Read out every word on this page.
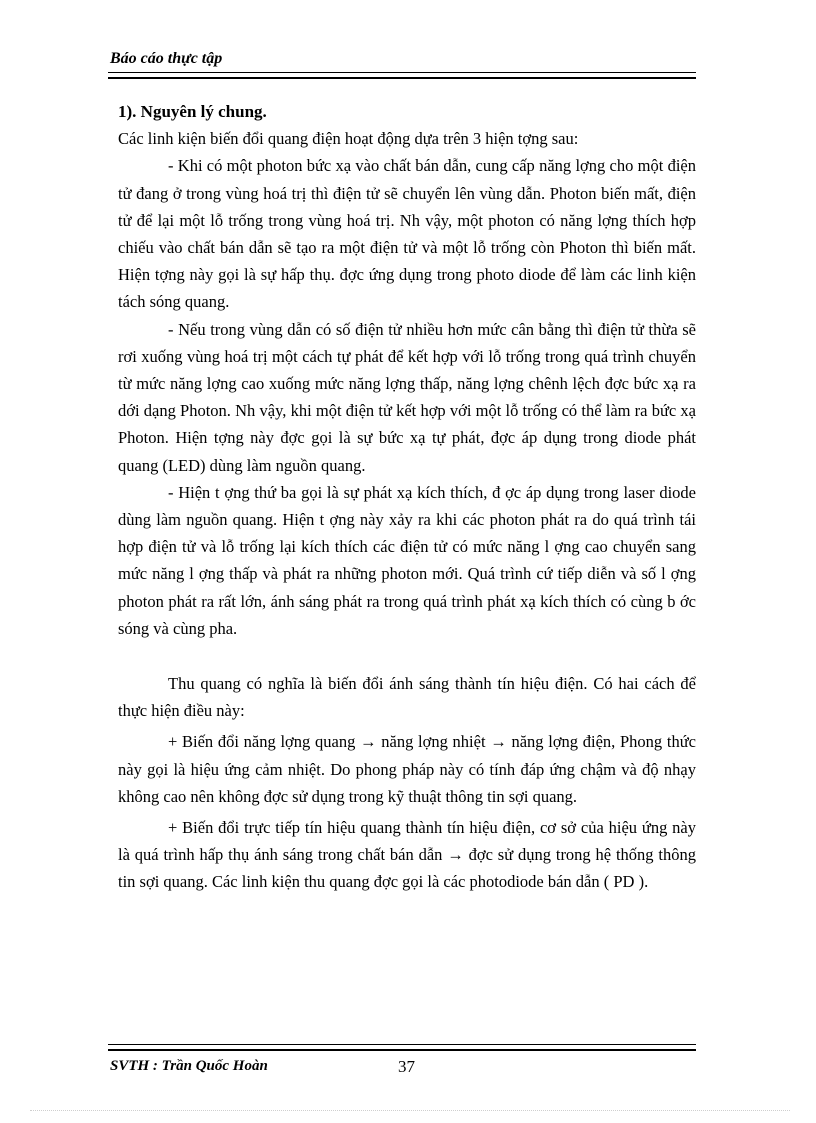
Báo cáo thực tập

1). Nguyên lý chung.

Các linh kiện biến đổi quang điện hoạt động dựa trên 3 hiện tợng sau:

- Khi có một photon bức xạ vào chất bán dẫn, cung cấp năng lợng cho một điện tử đang ở trong vùng hoá trị thì điện tử sẽ chuyển lên vùng dẫn. Photon biến mất, điện tử để lại một lỗ trống trong vùng hoá trị. Nh vậy, một photon có năng lợng thích hợp chiếu vào chất bán dẫn sẽ tạo ra một điện tử và một lỗ trống còn Photon thì biến mất. Hiện tợng này gọi là sự hấp thụ. đợc ứng dụng trong photo diode để làm các linh kiện tách sóng quang.

- Nếu trong vùng dẫn có số điện tử nhiều hơn mức cân bằng thì điện tử thừa sẽ rơi xuống vùng hoá trị một cách tự phát để kết hợp với lỗ trống trong quá trình chuyển từ mức năng lợng cao xuống mức năng lợng thấp, năng lợng chênh lệch đợc bức xạ ra dới dạng Photon. Nh vậy, khi một điện tử kết hợp với một lỗ trống có thể làm ra bức xạ Photon. Hiện tợng này đợc gọi là sự bức xạ tự phát, đợc áp dụng trong diode phát quang (LED) dùng làm nguồn quang.

- Hiện t ợng thứ ba gọi là sự phát xạ kích thích, đ ợc áp dụng trong laser diode dùng làm nguồn quang. Hiện t ợng này xảy ra khi các photon phát ra do quá trình tái hợp điện tử và lỗ trống lại kích thích các điện tử có mức năng l ợng cao chuyển sang mức năng l ợng thấp và phát ra những photon mới. Quá trình cứ tiếp diễn và số l ợng photon phát ra rất lớn, ánh sáng phát ra trong quá trình phát xạ kích thích có cùng b ớc sóng và cùng pha.

Thu quang có nghĩa là biến đổi ánh sáng thành tín hiệu điện. Có hai cách để thực hiện điều này:

+ Biến đổi năng lợng quang → năng lợng nhiệt → năng lợng điện, Phong thức này gọi là hiệu ứng cảm nhiệt. Do phong pháp này có tính đáp ứng chậm và độ nhạy không cao nên không đợc sử dụng trong kỹ thuật thông tin sợi quang.

+ Biến đổi trực tiếp tín hiệu quang thành tín hiệu điện, cơ sở của hiệu ứng này là quá trình hấp thụ ánh sáng trong chất bán dẫn → đợc sử dụng trong hệ thống thông tin sợi quang. Các linh kiện thu quang đợc gọi là các photodiode bán dẫn ( PD ).

SVTH : Trần Quốc Hoàn	37
